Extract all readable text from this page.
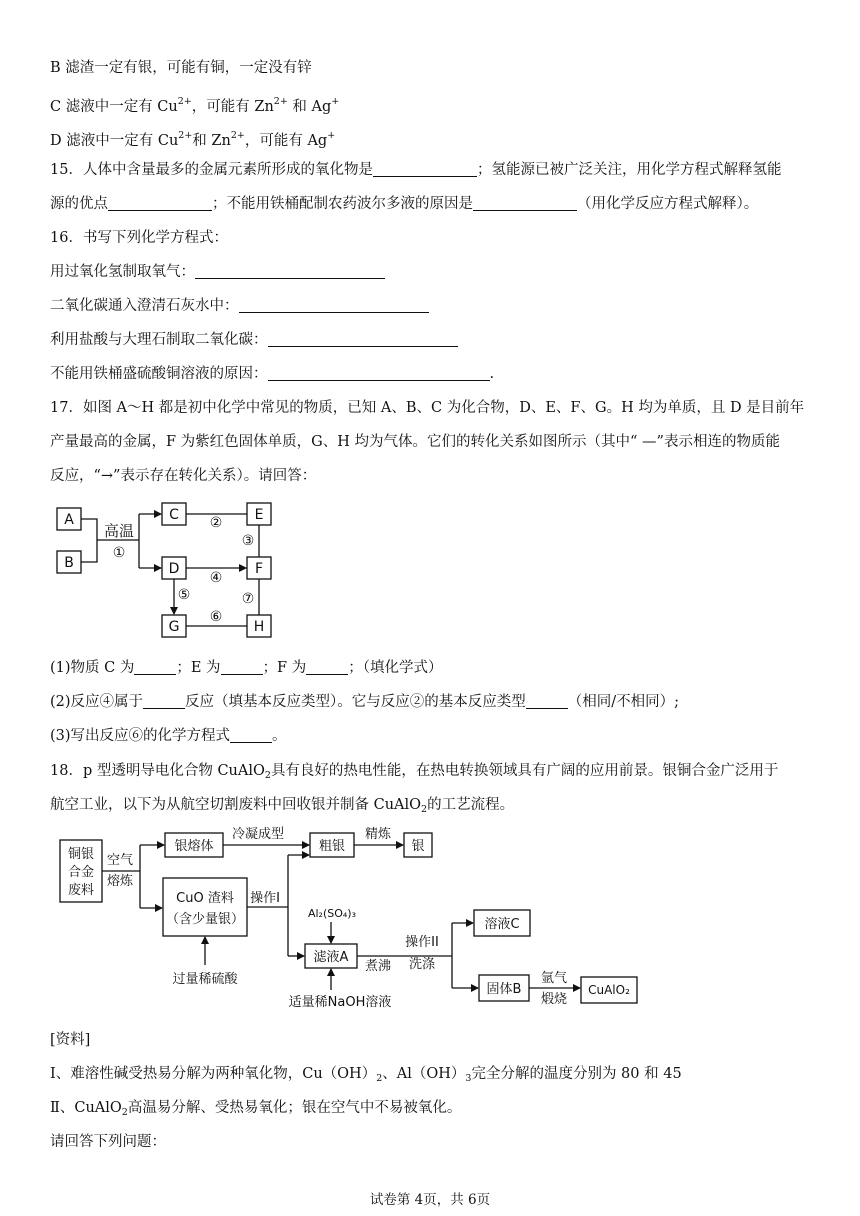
B 滤渣一定有银，可能有铜，一定没有锌
C 滤液中一定有 $Cu^{2+}$，可能有 $Zn^{2+}$ 和 Ag+
D 滤液中一定有 $Cu^{2+}$和 $Zn^{2+}$，可能有 Ag+
15．人体中含量最多的金属元素所形成的氧化物是	；氢能源已被广泛关注，用化学方程式解释氢能
源的优点	；不能用铁桶配制农药波尔多液的原因是	（用化学反应方程式解释）。
16．书写下列化学方程式：
用过氧化氢制取氧气：
二氧化碳通入澄清石灰水中：
利用盐酸与大理石制取二氧化碳：
不能用铁桶盛硫酸铜溶液的原因：	.
17．如图 A～H 都是初中化学中常见的物质，已知 A、B、C 为化合物，D、E、F、G。H 均为单质，且 D 是目前年
产量最高的金属，F 为紫红色固体单质，G、H 均为气体。它们的转化关系如图所示（其中“ —”表示相连的物质能
反应，“→”表示存在转化关系）。请回答：
A
B
C
D
E
F
G	H
高温
①
②
③
④
⑤
⑥
⑦
(1)物质 C 为	；E 为	；F 为	；（填化学式）
(2)反应④属于	反应（填基本反应类型）。它与反应②的基本反应类型	（相同/不相同）;
(3)写出反应⑥的化学方程式	。
18．p 型透明导电化合物 CuAlO$_2$具有良好的热电性能，在热电转换领域具有广阔的应用前景。银铜合金广泛用于
航空工业，以下为从航空切割废料中回收银并制备 CuAlO$_2$的工艺流程。
铜银
合金
废料
空气
熔炼
银熔体
冷凝成型
粗银
精炼
银
CuO 渣料
（含少量银）
操作I
过量稀硫酸
Al₂(SO₄)₃
滤液A
煮沸
适量稀NaOH溶液
操作II
洗涤
溶液C
固体B
氩气
煅烧
CuAlO₂
[资料]
I、难溶性碱受热易分解为两种氧化物，$Cu(OH)_2$、$Al(OH)_3$完全分解的温度分别为 80 和 45
Ⅱ、CuAlO$_2$高温易分解、受热易氧化；银在空气中不易被氧化。
请回答下列问题：
试卷第 4页，共 6页
